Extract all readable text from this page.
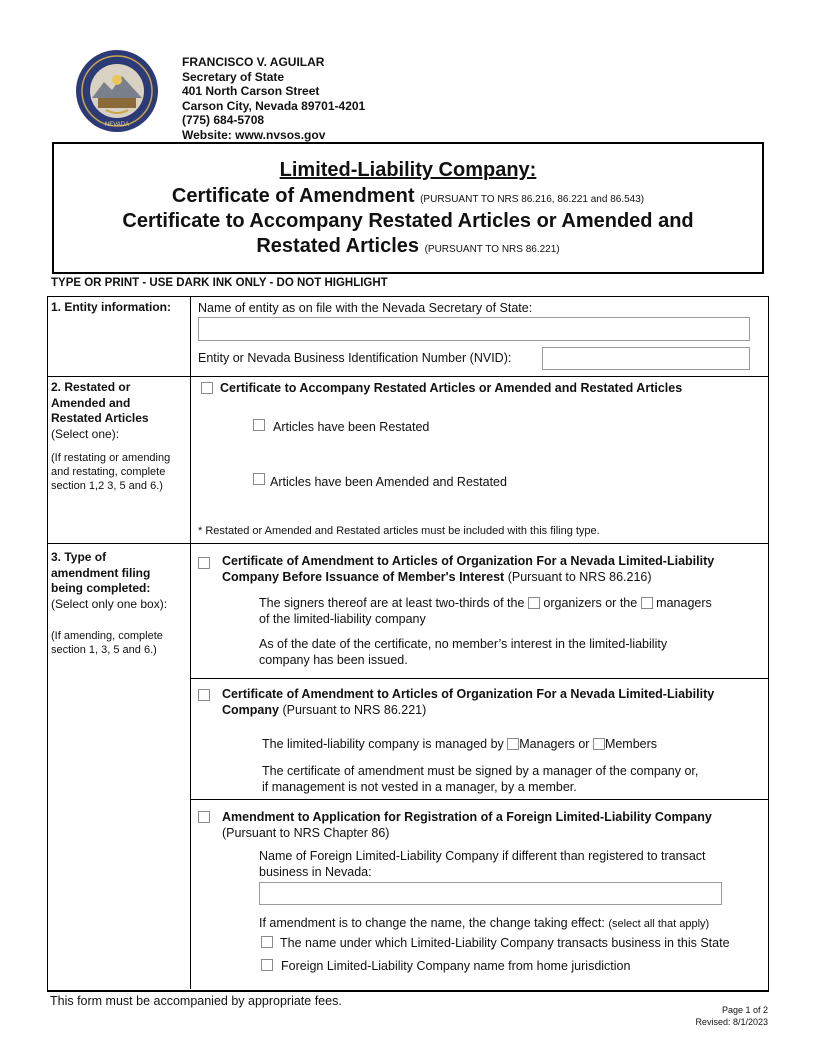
NEVADA
FRANCISCO V. AGUILAR
Secretary of State
401 North Carson Street
Carson City, Nevada 89701-4201
(775) 684-5708
Website: www.nvsos.gov
Limited-Liability Company:
Certificate of Amendment (PURSUANT TO NRS 86.216, 86.221 and 86.543)
Certificate to Accompany Restated Articles or Amended and
Restated Articles (PURSUANT TO NRS 86.221)
TYPE OR PRINT - USE DARK INK ONLY - DO NOT HIGHLIGHT
1. Entity information: Name of entity as on file with the Nevada Secretary of State:
Entity or Nevada Business Identification Number (NVID):
2. Restated or
Amended and
Restated Articles
(Select one):
(If restating or amending
and restating, complete
section 1,2 3, 5 and 6.)
Certificate to Accompany Restated Articles or Amended and Restated Articles
Articles have been Restated
Articles have been Amended and Restated
* Restated or Amended and Restated articles must be included with this filing type.
3. Type of
amendment filing
being completed:
(Select only one box):
(If amending, complete
section 1, 3, 5 and 6.)
Certificate of Amendment to Articles of Organization For a Nevada Limited-Liability
Company Before Issuance of Member's Interest (Pursuant to NRS 86.216)
The signers thereof are at least two-thirds of the organizers or the managers
of the limited-liability company
As of the date of the certificate, no member’s interest in the limited-liability
company has been issued.
Certificate of Amendment to Articles of Organization For a Nevada Limited-Liability
Company (Pursuant to NRS 86.221)
The limited-liability company is managed by Managers or Members
The certificate of amendment must be signed by a manager of the company or,
if management is not vested in a manager, by a member.
Amendment to Application for Registration of a Foreign Limited-Liability Company
(Pursuant to NRS Chapter 86)
Name of Foreign Limited-Liability Company if different than registered to transact
business in Nevada:
If amendment is to change the name, the change taking effect: (select all that apply)
The name under which Limited-Liability Company transacts business in this State
Foreign Limited-Liability Company name from home jurisdiction
This form must be accompanied by appropriate fees.
Page 1 of 2
Revised: 8/1/2023
